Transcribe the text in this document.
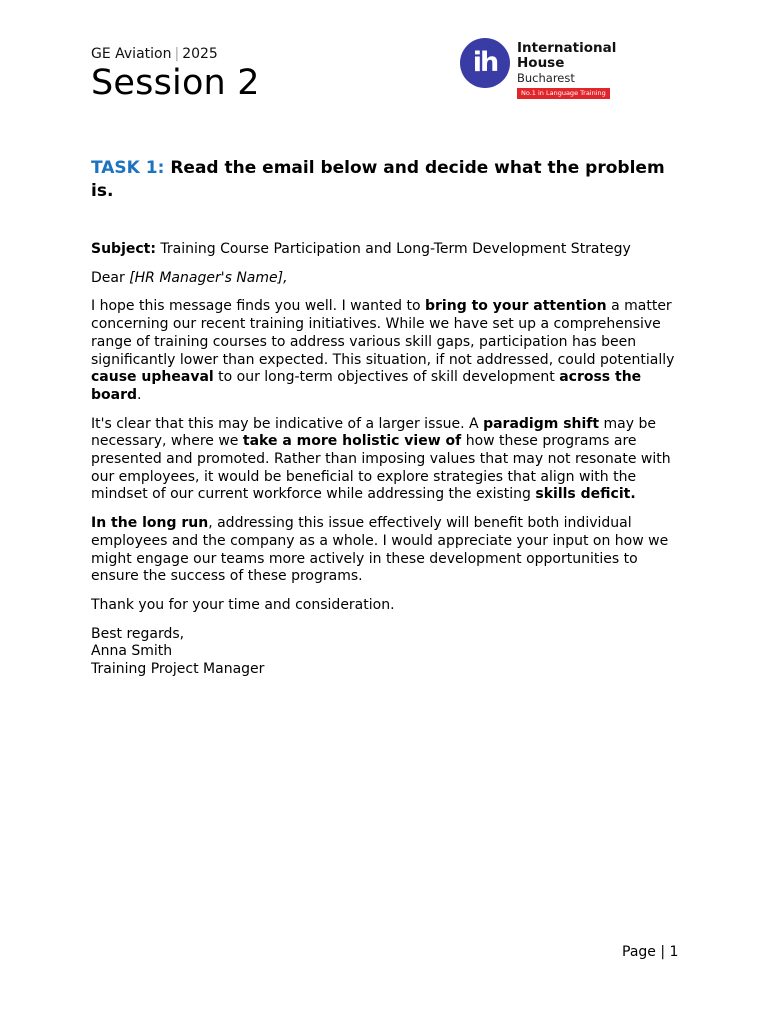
GE Aviation | 2025
Session 2
ih	International
House
Bucharest
No.1 in Language Training
TASK 1: Read the email below and decide what the problem is.

Subject: Training Course Participation and Long-Term Development Strategy

Dear [HR Manager's Name],

I hope this message finds you well. I wanted to bring to your attention a matter concerning our recent training initiatives. While we have set up a comprehensive range of training courses to address various skill gaps, participation has been significantly lower than expected. This situation, if not addressed, could potentially cause upheaval to our long-term objectives of skill development across the board.

It's clear that this may be indicative of a larger issue. A paradigm shift may be necessary, where we take a more holistic view of how these programs are presented and promoted. Rather than imposing values that may not resonate with our employees, it would be beneficial to explore strategies that align with the mindset of our current workforce while addressing the existing skills deficit.

In the long run, addressing this issue effectively will benefit both individual employees and the company as a whole. I would appreciate your input on how we might engage our teams more actively in these development opportunities to ensure the success of these programs.

Thank you for your time and consideration.

Best regards,
Anna Smith
Training Project Manager

Page | 1
